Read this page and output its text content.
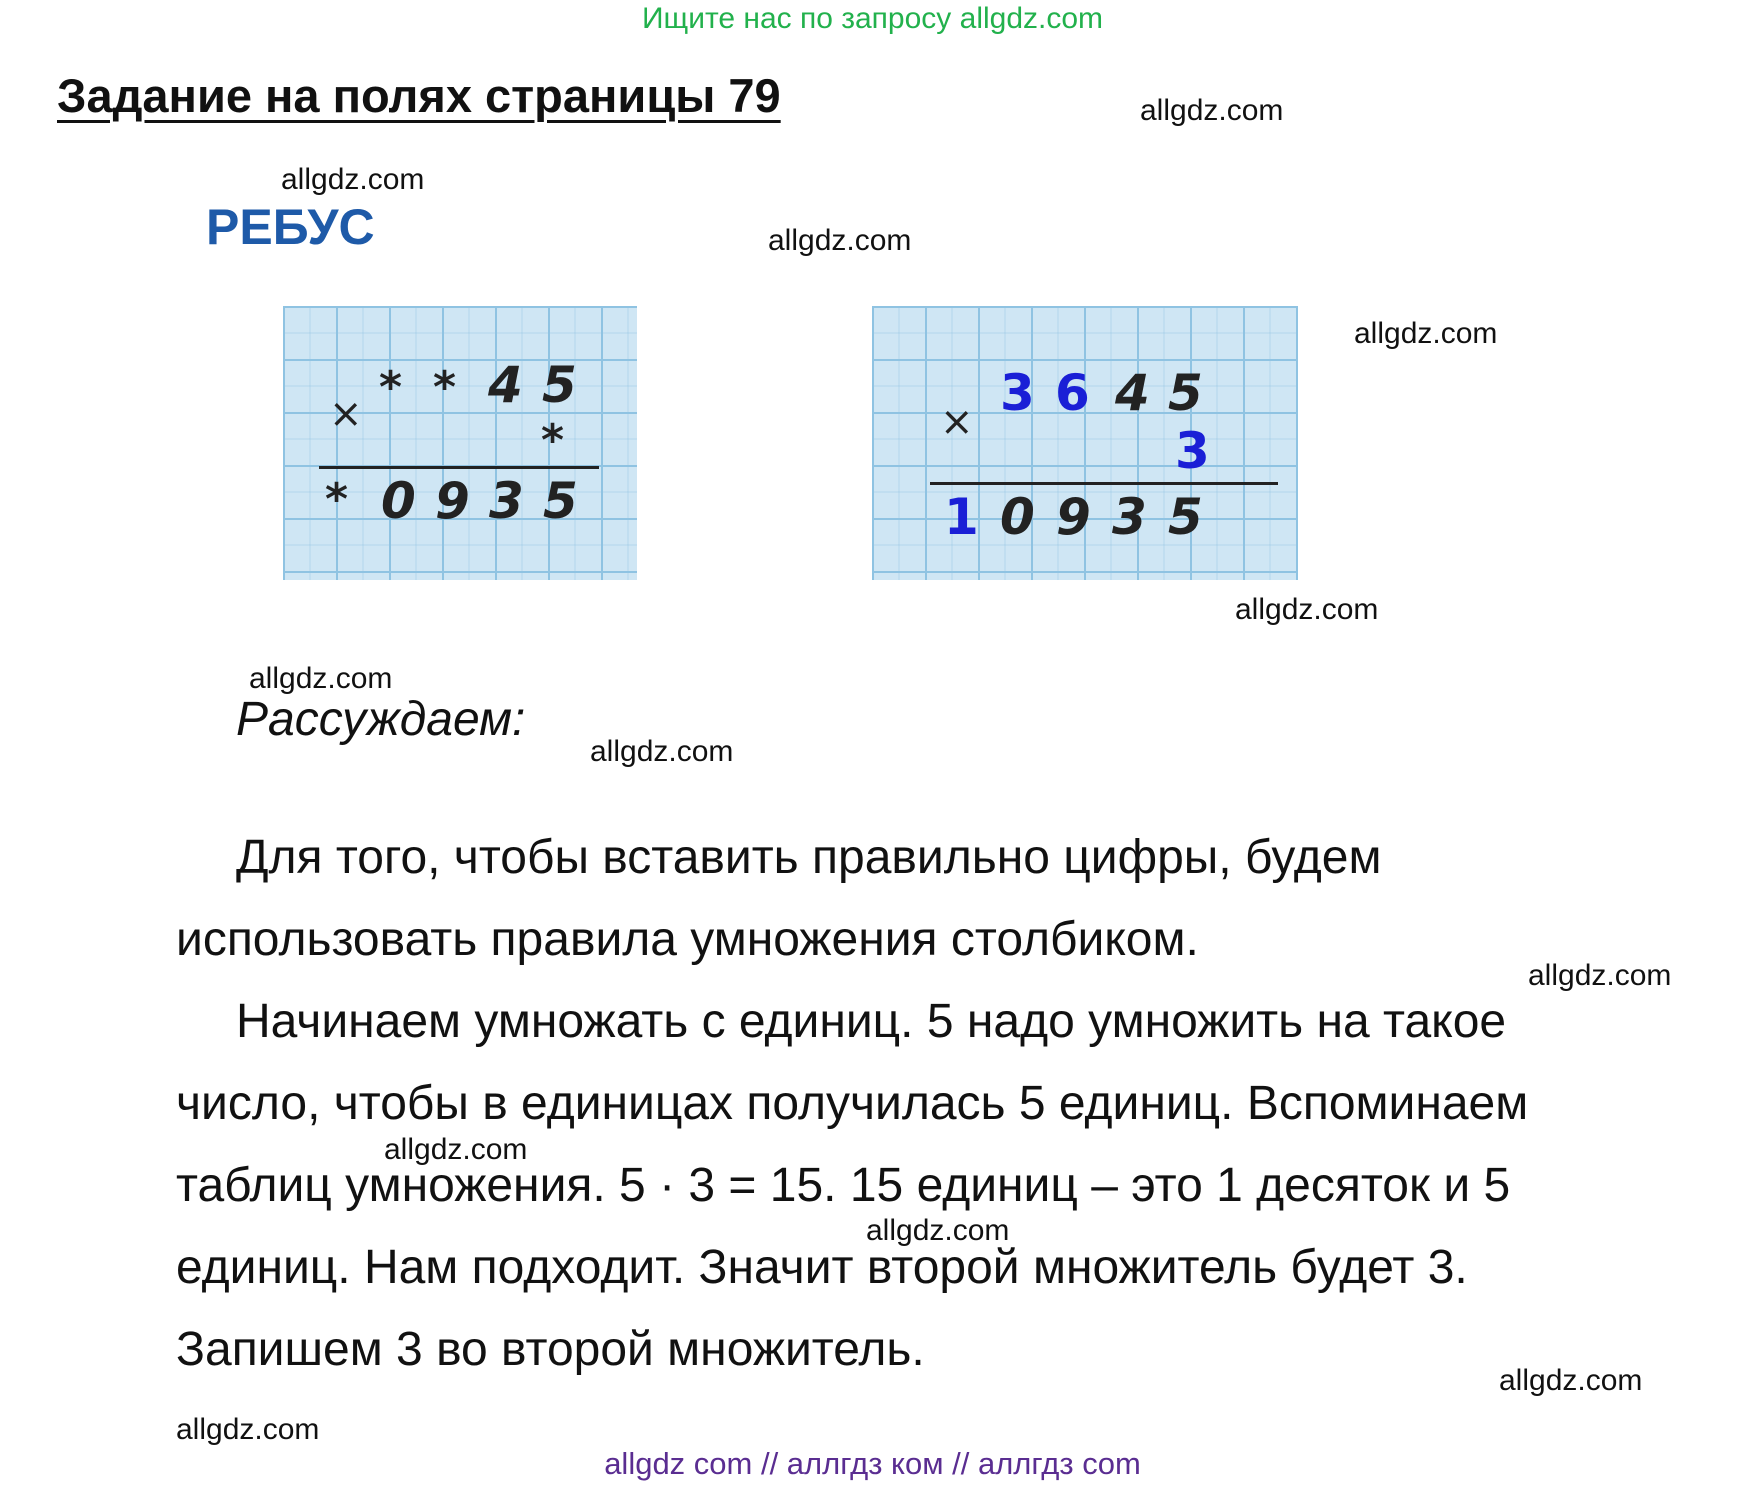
Ищите нас по запросу allgdz.com
Задание на полях страницы 79	allgdz.com
allgdz.com
allgdz.com
allgdz.com
allgdz.com
allgdz.com
allgdz.com
allgdz.com
allgdz.com
allgdz.com
allgdz.com
allgdz.com
РЕБУС
×
* * 4 5
*
* 0 9 3 5
× 3 6 4 5
3
1 0 9 3 5
Рассуждаем:
Для того, чтобы вставить правильно цифры, будем
использовать правила умножения столбиком.
Начинаем умножать с единиц. 5 надо умножить на такое
число, чтобы в единицах получилась 5 единиц. Вспоминаем
таблиц умножения. 5 · 3 = 15. 15 единиц – это 1 десяток и 5
единиц. Нам подходит. Значит второй множитель будет 3.
Запишем 3 во второй множитель.
allgdz com // аллгдз ком // аллгдз com
